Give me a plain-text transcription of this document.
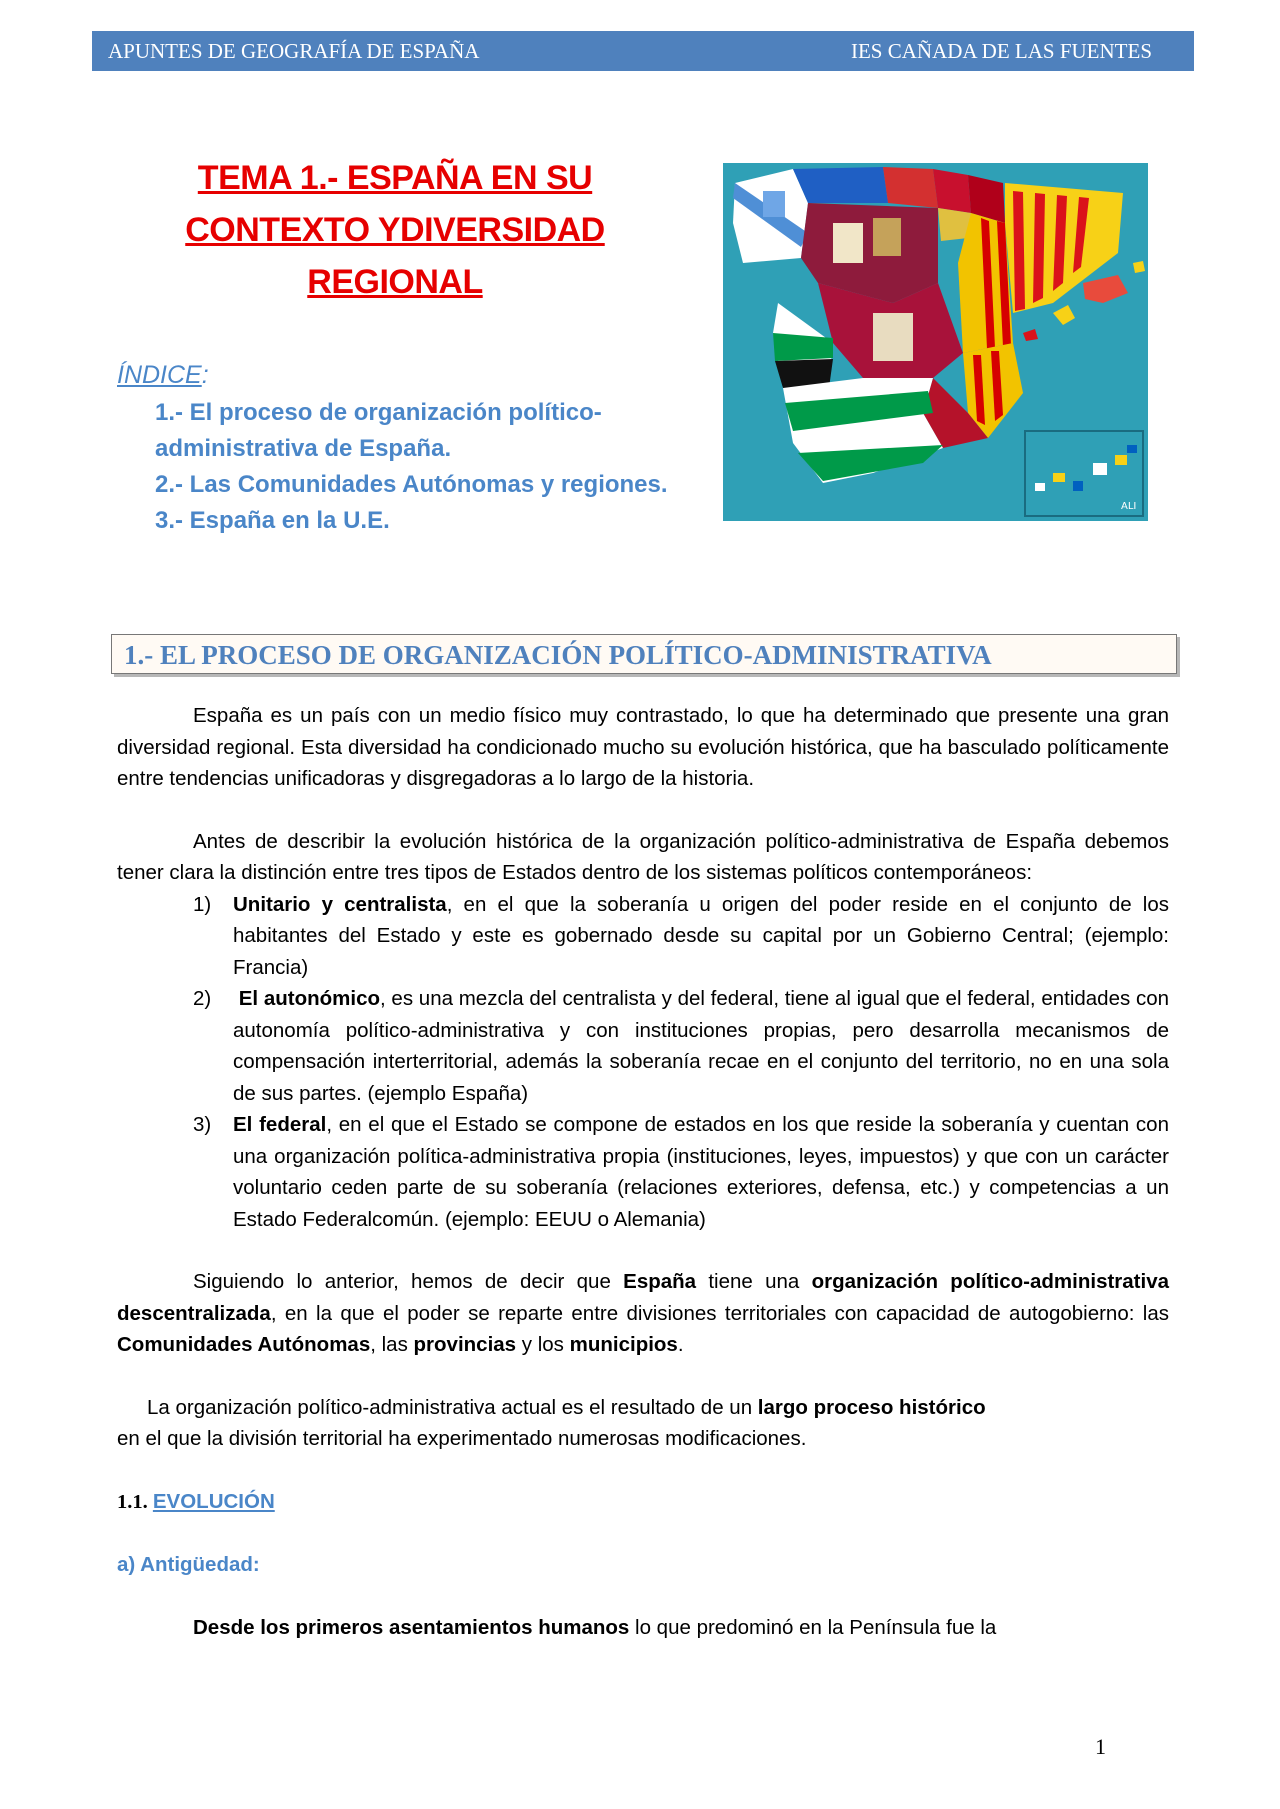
APUNTES DE GEOGRAFÍA DE ESPAÑA	IES CAÑADA DE LAS FUENTES
TEMA 1.- ESPAÑA EN SU
CONTEXTO YDIVERSIDAD
REGIONAL
ÍNDICE:
1.- El proceso de organización político-administrativa de España.
2.- Las Comunidades Autónomas y regiones.
3.- España en la U.E.
ALI
1.- EL PROCESO DE ORGANIZACIÓN POLÍTICO-ADMINISTRATIVA

España es un país con un medio físico muy contrastado, lo que ha determinado que presente una gran diversidad regional. Esta diversidad ha condicionado mucho su evolución histórica, que ha basculado políticamente entre tendencias unificadoras y disgregadoras a lo largo de la historia.

Antes de describir la evolución histórica de la organización político-administrativa de España debemos tener clara la distinción entre tres tipos de Estados dentro de los sistemas políticos contemporáneos:

1) Unitario y centralista, en el que la soberanía u origen del poder reside en el conjunto de los habitantes del Estado y este es gobernado desde su capital por un Gobierno Central; (ejemplo: Francia)
2) El autonómico, es una mezcla del centralista y del federal, tiene al igual que el federal, entidades con autonomía político-administrativa y con instituciones propias, pero desarrolla mecanismos de compensación interterritorial, además la soberanía recae en el conjunto del territorio, no en una sola de sus partes. (ejemplo España)
3) El federal, en el que el Estado se compone de estados en los que reside la soberanía y cuentan con una organización política-administrativa propia (instituciones, leyes, impuestos) y que con un carácter voluntario ceden parte de su soberanía (relaciones exteriores, defensa, etc.) y competencias a un Estado Federalcomún. (ejemplo: EEUU o Alemania)

Siguiendo lo anterior, hemos de decir que España tiene una organización político-administrativa descentralizada, en la que el poder se reparte entre divisiones territoriales con capacidad de autogobierno: las Comunidades Autónomas, las provincias y los municipios.

La organización político-administrativa actual es el resultado de un largo proceso histórico
en el que la división territorial ha experimentado numerosas modificaciones.

1.1. EVOLUCIÓN

a) Antigüedad:

Desde los primeros asentamientos humanos lo que predominó en la Península fue la

1
